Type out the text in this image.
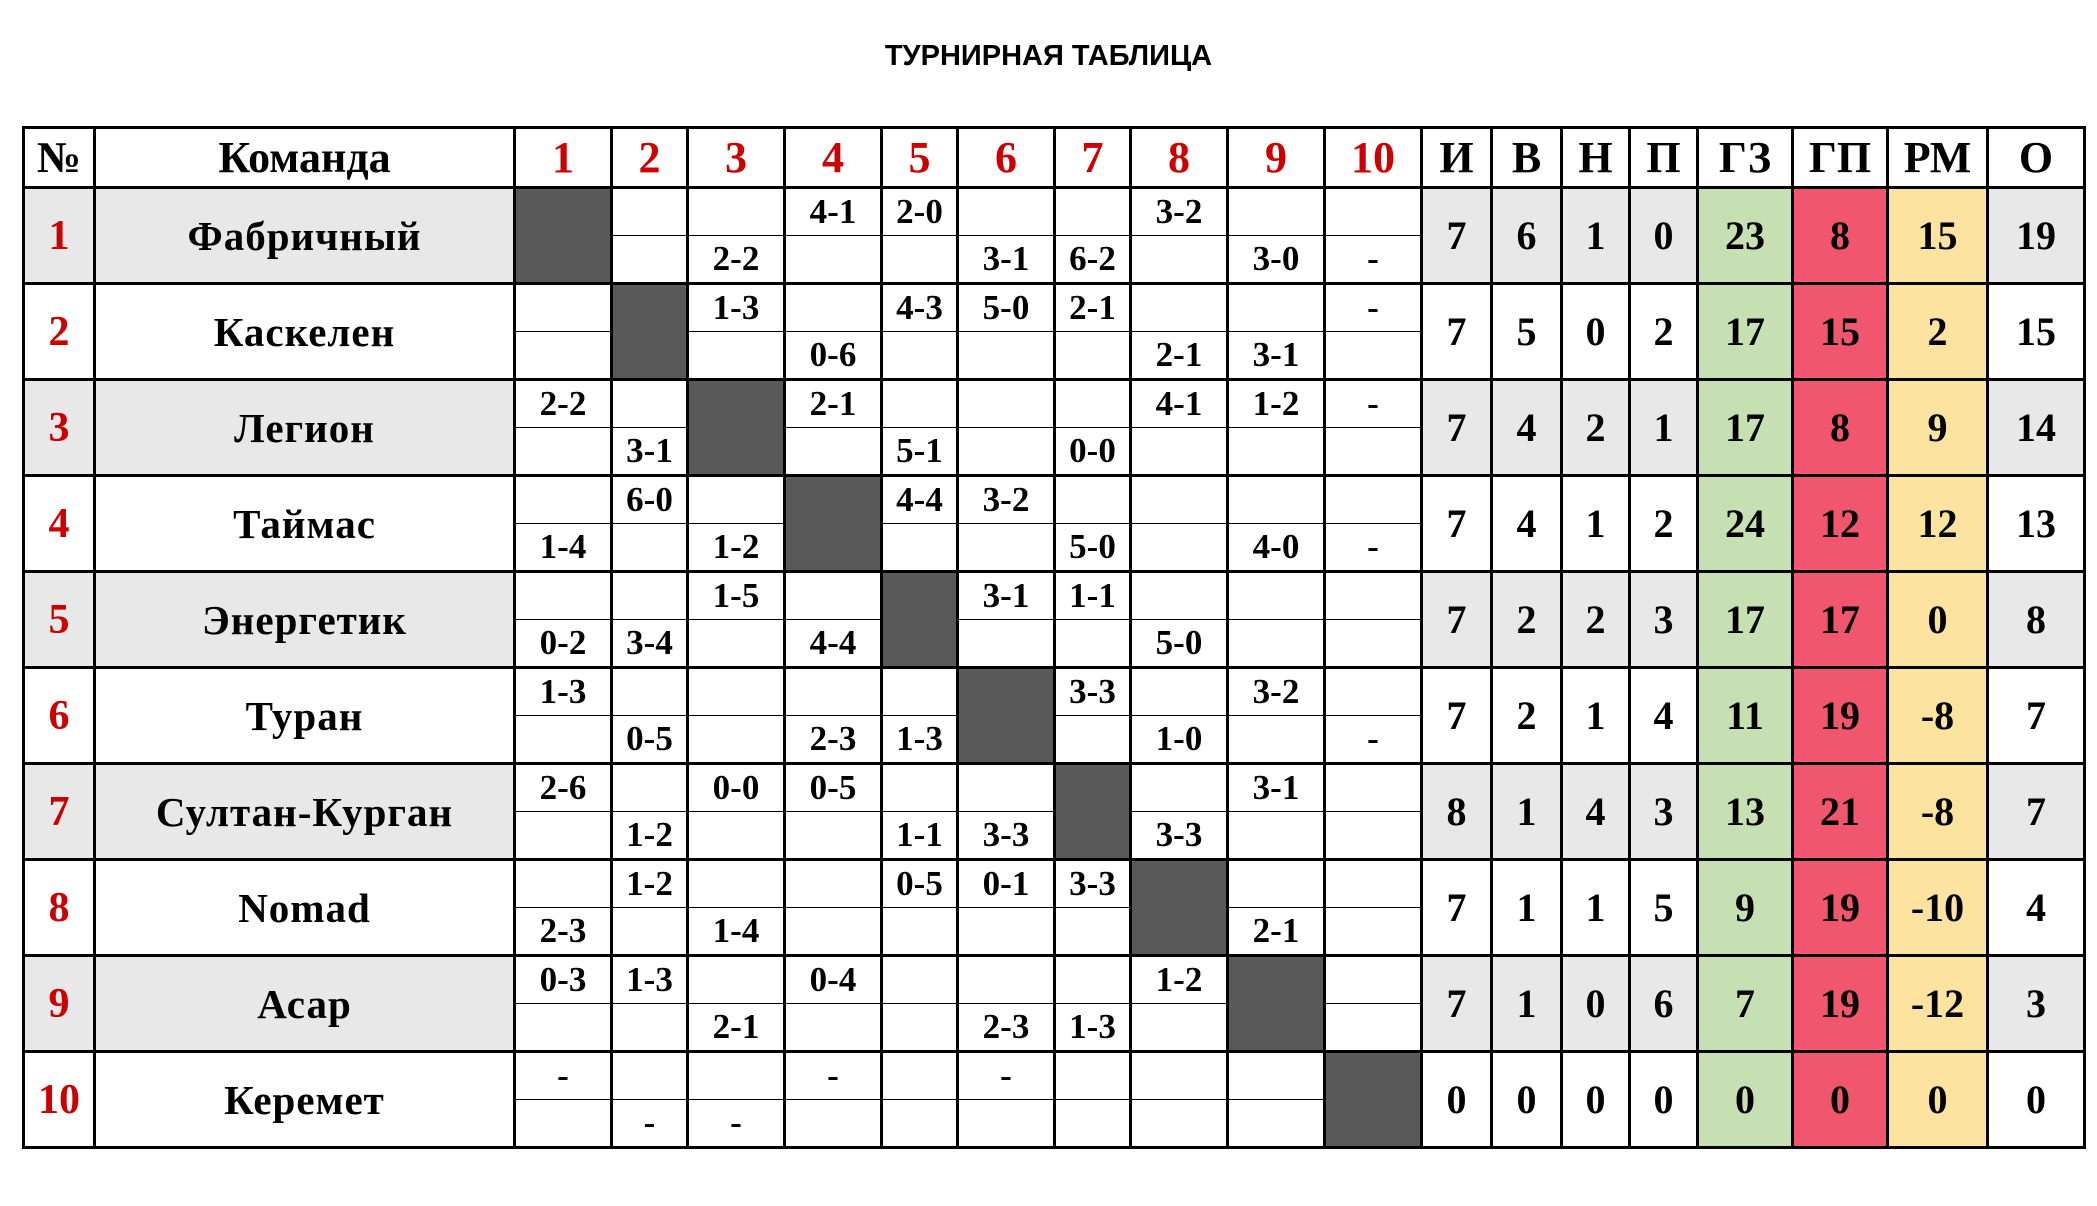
ТУРНИРНАЯ ТАБЛИЦА
№	Команда	1	2	3	4	5	6	7	8	9	10	И	В	Н	П	ГЗ	ГП	РМ	О
1	Фабричный				4-1	2-0			3-2			7	6	1	0	23	8	15	19
				2-2			3-1	6-2		3-0	-								
2	Каскелен			1-3		4-3	5-0	2-1			-	7	5	0	2	17	15	2	15
					0-6				2-1	3-1									
3	Легион	2-2			2-1				4-1	1-2	-	7	4	2	1	17	8	9	14
			3-1			5-1		0-0											
4	Таймас		6-0			4-4	3-2					7	4	1	2	24	12	12	13
		1-4		1-2				5-0		4-0	-								
5	Энергетик			1-5			3-1	1-1				7	2	2	3	17	17	0	8
		0-2	3-4		4-4				5-0										
6	Туран	1-3						3-3		3-2		7	2	1	4	11	19	-8	7
			0-5		2-3	1-3			1-0		-								
7	Султан-Курган	2-6		0-0	0-5					3-1		8	1	4	3	13	21	-8	7
			1-2			1-1	3-3		3-3										
8	Nomad		1-2			0-5	0-1	3-3				7	1	1	5	9	19	-10	4
		2-3		1-4						2-1									
9	Асар	0-3	1-3		0-4				1-2			7	1	0	6	7	19	-12	3
				2-1			2-3	1-3											
10	Керемет	-			-		-					0	0	0	0	0	0	0	0
			-	-															
